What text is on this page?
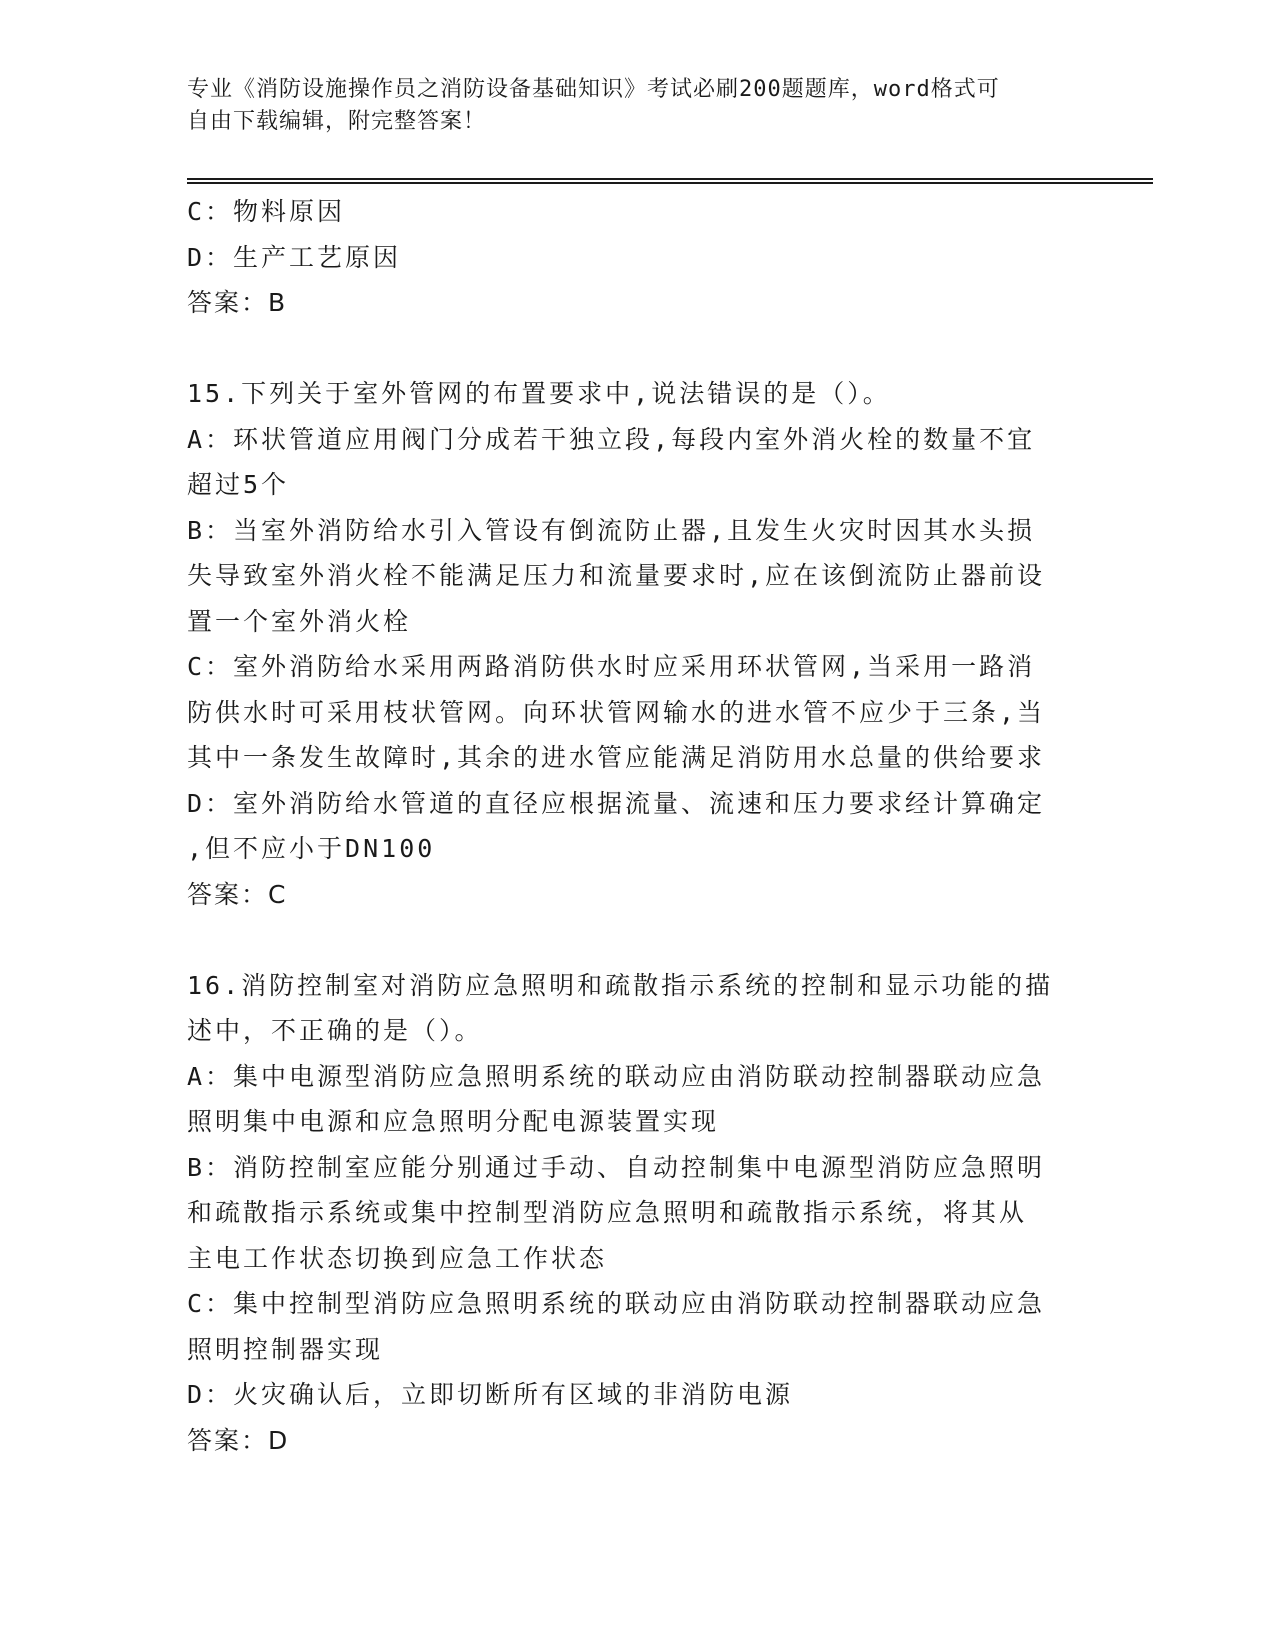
专业《消防设施操作员之消防设备基础知识》考试必刷200题题库，word格式可
自由下载编辑，附完整答案！
C：物料原因
D：生产工艺原因
答案：B
15.下列关于室外管网的布置要求中,说法错误的是（）。
A：环状管道应用阀门分成若干独立段,每段内室外消火栓的数量不宜
超过5个
B：当室外消防给水引入管设有倒流防止器,且发生火灾时因其水头损
失导致室外消火栓不能满足压力和流量要求时,应在该倒流防止器前设
置一个室外消火栓
C：室外消防给水采用两路消防供水时应采用环状管网,当采用一路消
防供水时可采用枝状管网。向环状管网输水的进水管不应少于三条,当
其中一条发生故障时,其余的进水管应能满足消防用水总量的供给要求
D：室外消防给水管道的直径应根据流量、流速和压力要求经计算确定
,但不应小于DN100
答案：C
16.消防控制室对消防应急照明和疏散指示系统的控制和显示功能的描
述中，不正确的是（）。
A：集中电源型消防应急照明系统的联动应由消防联动控制器联动应急
照明集中电源和应急照明分配电源装置实现
B：消防控制室应能分别通过手动、自动控制集中电源型消防应急照明
和疏散指示系统或集中控制型消防应急照明和疏散指示系统，将其从
主电工作状态切换到应急工作状态
C：集中控制型消防应急照明系统的联动应由消防联动控制器联动应急
照明控制器实现
D：火灾确认后，立即切断所有区域的非消防电源
答案：D
